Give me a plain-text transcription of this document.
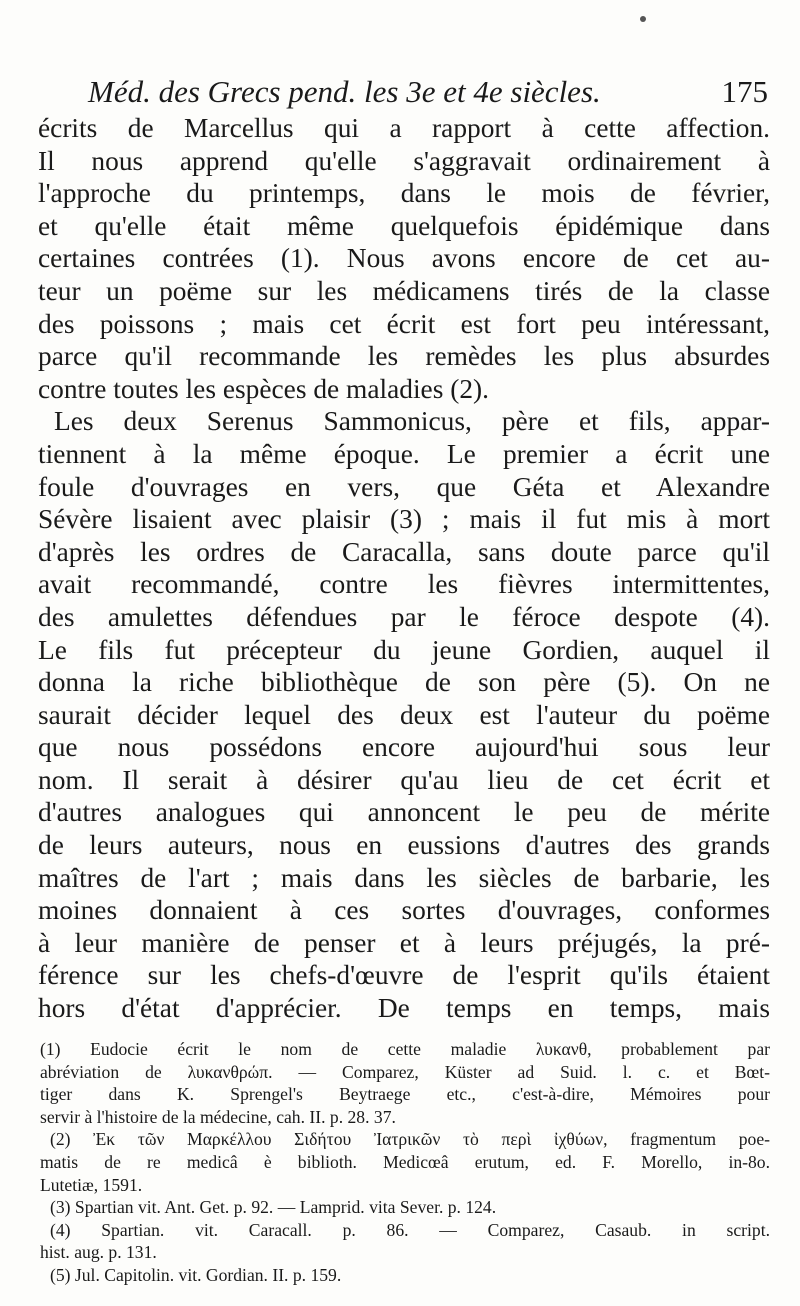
Méd. des Grecs pend. les 3e et 4e siècles.	175
écrits de Marcellus qui a rapport à cette affection.
Il nous apprend qu'elle s'aggravait ordinairement à
l'approche du printemps, dans le mois de février,
et qu'elle était même quelquefois épidémique dans
certaines contrées (1). Nous avons encore de cet au-
teur un poëme sur les médicamens tirés de la classe
des poissons ; mais cet écrit est fort peu intéressant,
parce qu'il recommande les remèdes les plus absurdes
contre toutes les espèces de maladies (2).
Les deux Serenus Sammonicus, père et fils, appar-
tiennent à la même époque. Le premier a écrit une
foule d'ouvrages en vers, que Géta et Alexandre
Sévère lisaient avec plaisir (3) ; mais il fut mis à mort
d'après les ordres de Caracalla, sans doute parce qu'il
avait recommandé, contre les fièvres intermittentes,
des amulettes défendues par le féroce despote (4).
Le fils fut précepteur du jeune Gordien, auquel il
donna la riche bibliothèque de son père (5). On ne
saurait décider lequel des deux est l'auteur du poëme
que nous possédons encore aujourd'hui sous leur
nom. Il serait à désirer qu'au lieu de cet écrit et
d'autres analogues qui annoncent le peu de mérite
de leurs auteurs, nous en eussions d'autres des grands
maîtres de l'art ; mais dans les siècles de barbarie, les
moines donnaient à ces sortes d'ouvrages, conformes
à leur manière de penser et à leurs préjugés, la pré-
férence sur les chefs-d'œuvre de l'esprit qu'ils étaient
hors d'état d'apprécier. De temps en temps, mais
(1) Eudocie écrit le nom de cette maladie λυκανθ, probablement par
abréviation de λυκανθρώπ. — Comparez, Küster ad Suid. l. c. et Bœt-
tiger dans K. Sprengel's Beytraege etc., c'est-à-dire, Mémoires pour
servir à l'histoire de la médecine, cah. II. p. 28. 37.
(2) Ἐκ τῶν Μαρκέλλου Σιδήτου Ἰατρικῶν τὸ περὶ ἰχθύων, fragmentum poe-
matis de re medicâ è biblioth. Medicœâ erutum, ed. F. Morello, in-8o.
Lutetiæ, 1591.
(3) Spartian vit. Ant. Get. p. 92. — Lamprid. vita Sever. p. 124.
(4) Spartian. vit. Caracall. p. 86. — Comparez, Casaub. in script.
hist. aug. p. 131.
(5) Jul. Capitolin. vit. Gordian. II. p. 159.
